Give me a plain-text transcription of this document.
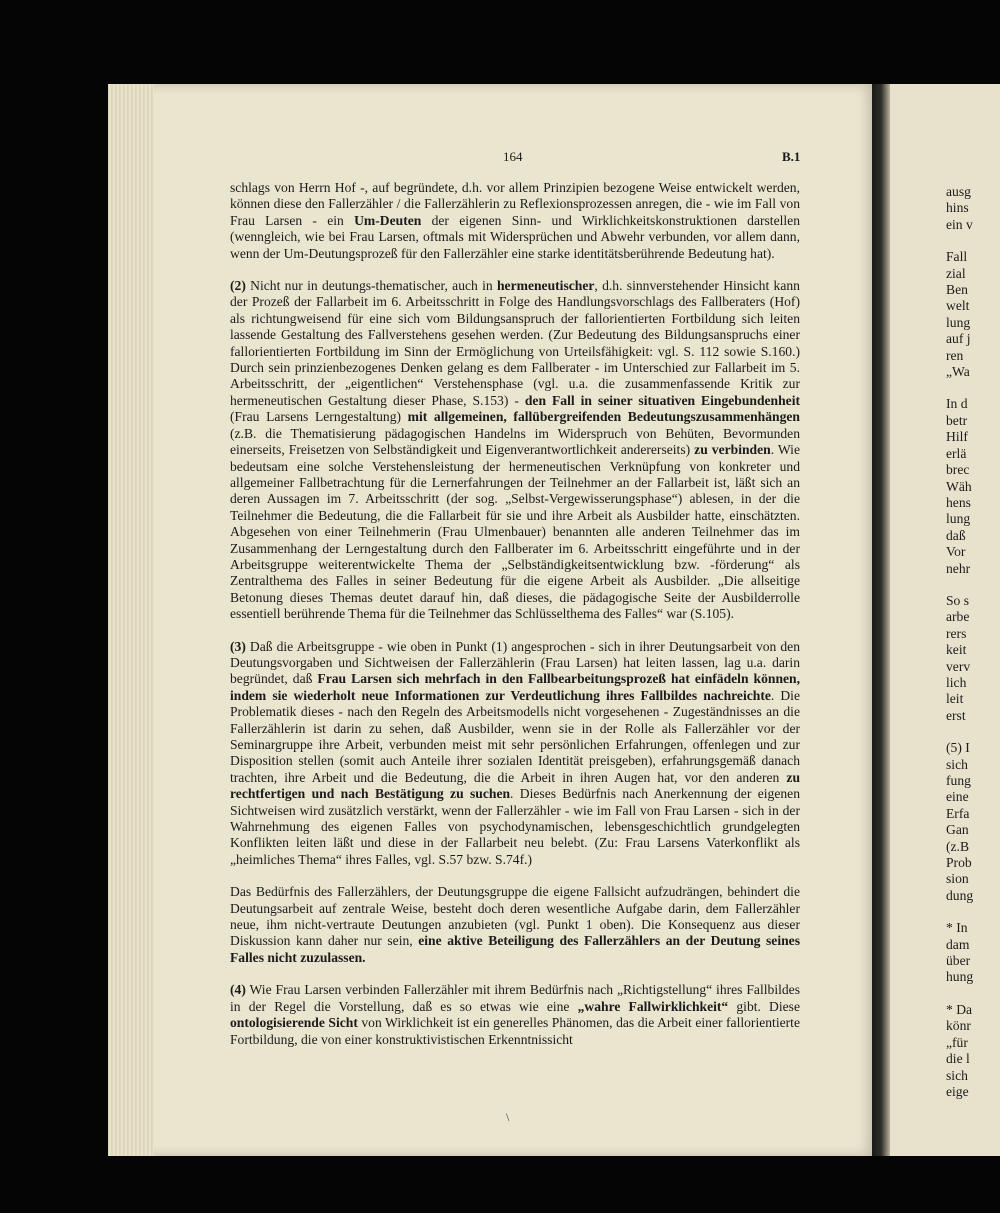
ausg
hins
ein v
Fall
zial
Ben
welt
lung
auf j
ren
„Wa
In d
betr
Hilf
erlä
brec
Wäh
hens
lung
daß
Vor
nehr
So s
arbe
rers
keit
verv
lich
leit
erst
(5) I
sich
fung
eine
Erfa
Gan
(z.B
Prob
sion
dung
* In
dam
über
hung
* Da
könr
„für
die l
sich
eige
164	B.1

schlags von Herrn Hof -, auf begründete, d.h. vor allem Prinzipien bezogene Weise entwickelt werden, können diese den Fallerzähler / die Fallerzählerin zu Reflexionsprozessen anregen, die - wie im Fall von Frau Larsen - ein Um-Deuten der eigenen Sinn- und Wirklichkeitskonstruktionen darstellen (wenngleich, wie bei Frau Larsen, oftmals mit Widersprüchen und Abwehr verbunden, vor allem dann, wenn der Um-Deutungsprozeß für den Fallerzähler eine starke identitätsberührende Bedeutung hat).

(2) Nicht nur in deutungs-thematischer, auch in hermeneutischer, d.h. sinnverstehender Hinsicht kann der Prozeß der Fallarbeit im 6. Arbeitsschritt in Folge des Handlungsvorschlags des Fallberaters (Hof) als richtungweisend für eine sich vom Bildungsanspruch der fallorientierten Fortbildung sich leiten lassende Gestaltung des Fallverstehens gesehen werden. (Zur Bedeutung des Bildungsanspruchs einer fallorientierten Fortbildung im Sinn der Ermöglichung von Urteilsfähigkeit: vgl. S. 112 sowie S.160.) Durch sein prinzienbezogenes Denken gelang es dem Fallberater - im Unterschied zur Fallarbeit im 5. Arbeitsschritt, der „eigentlichen“ Verstehensphase (vgl. u.a. die zusammenfassende Kritik zur hermeneutischen Gestaltung dieser Phase, S.153) - den Fall in seiner situativen Eingebundenheit (Frau Larsens Lerngestaltung) mit allgemeinen, fallübergreifenden Bedeutungszusammenhängen (z.B. die Thematisierung pädagogischen Handelns im Widerspruch von Behüten, Bevormunden einerseits, Freisetzen von Selbständigkeit und Eigenverantwortlichkeit andererseits) zu verbinden. Wie bedeutsam eine solche Verstehensleistung der hermeneutischen Verknüpfung von konkreter und allgemeiner Fallbetrachtung für die Lernerfahrungen der Teilnehmer an der Fallarbeit ist, läßt sich an deren Aussagen im 7. Arbeitsschritt (der sog. „Selbst-Vergewisserungsphase“) ablesen, in der die Teilnehmer die Bedeutung, die die Fallarbeit für sie und ihre Arbeit als Ausbilder hatte, einschätzten. Abgesehen von einer Teilnehmerin (Frau Ulmenbauer) benannten alle anderen Teilnehmer das im Zusammenhang der Lerngestaltung durch den Fallberater im 6. Arbeitsschritt eingeführte und in der Arbeitsgruppe weiterentwickelte Thema der „Selbständigkeitsentwicklung bzw. -förderung“ als Zentralthema des Falles in seiner Bedeutung für die eigene Arbeit als Ausbilder. „Die allseitige Betonung dieses Themas deutet darauf hin, daß dieses, die pädagogische Seite der Ausbilderrolle essentiell berührende Thema für die Teilnehmer das Schlüsselthema des Falles“ war (S.105).

(3) Daß die Arbeitsgruppe - wie oben in Punkt (1) angesprochen - sich in ihrer Deutungsarbeit von den Deutungsvorgaben und Sichtweisen der Fallerzählerin (Frau Larsen) hat leiten lassen, lag u.a. darin begründet, daß Frau Larsen sich mehrfach in den Fallbearbeitungsprozeß hat einfädeln können, indem sie wiederholt neue Informationen zur Verdeutlichung ihres Fallbildes nachreichte. Die Problematik dieses - nach den Regeln des Arbeitsmodells nicht vorgesehenen - Zugeständnisses an die Fallerzählerin ist darin zu sehen, daß Ausbilder, wenn sie in der Rolle als Fallerzähler vor der Seminargruppe ihre Arbeit, verbunden meist mit sehr persönlichen Erfahrungen, offenlegen und zur Disposition stellen (somit auch Anteile ihrer sozialen Identität preisgeben), erfahrungsgemäß danach trachten, ihre Arbeit und die Bedeutung, die die Arbeit in ihren Augen hat, vor den anderen zu rechtfertigen und nach Bestätigung zu suchen. Dieses Bedürfnis nach Anerkennung der eigenen Sichtweisen wird zusätzlich verstärkt, wenn der Fallerzähler - wie im Fall von Frau Larsen - sich in der Wahrnehmung des eigenen Falles von psychodynamischen, lebensgeschichtlich grundgelegten Konflikten leiten läßt und diese in der Fallarbeit neu belebt. (Zu: Frau Larsens Vaterkonflikt als „heimliches Thema“ ihres Falles, vgl. S.57 bzw. S.74f.)

Das Bedürfnis des Fallerzählers, der Deutungsgruppe die eigene Fallsicht aufzudrängen, behindert die Deutungsarbeit auf zentrale Weise, besteht doch deren wesentliche Aufgabe darin, dem Fallerzähler neue, ihm nicht-vertraute Deutungen anzubieten (vgl. Punkt 1 oben). Die Konsequenz aus dieser Diskussion kann daher nur sein, eine aktive Beteiligung des Fallerzählers an der Deutung seines Falles nicht zuzulassen.

(4) Wie Frau Larsen verbinden Fallerzähler mit ihrem Bedürfnis nach „Richtigstellung“ ihres Fallbildes in der Regel die Vorstellung, daß es so etwas wie eine „wahre Fallwirklichkeit“ gibt. Diese ontologisierende Sicht von Wirklichkeit ist ein generelles Phänomen, das die Arbeit einer fallorientierte Fortbildung, die von einer konstruktivistischen Erkenntnissicht

\
